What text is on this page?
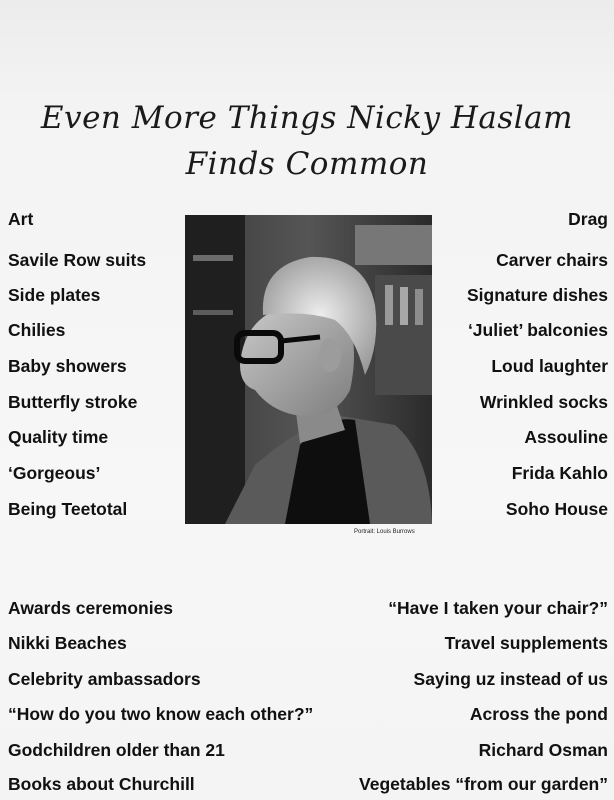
Even More Things Nicky Haslam
Finds Common
Art
Savile Row suits
Side plates
Chilies
Baby showers
Butterfly stroke
Quality time
‘Gorgeous’
Being Teetotal
Drag
Carver chairs
Signature dishes
‘Juliet’ balconies
Loud laughter
Wrinkled socks
Assouline
Frida Kahlo
Soho House
Portrait: Louis Burrows
Awards ceremonies
Nikki Beaches
Celebrity ambassadors
“How do you two know each other?”
Godchildren older than 21
Books about Churchill
“Have I taken your chair?”
Travel supplements
Saying uz instead of us
Across the pond
Richard Osman
Vegetables “from our garden”
